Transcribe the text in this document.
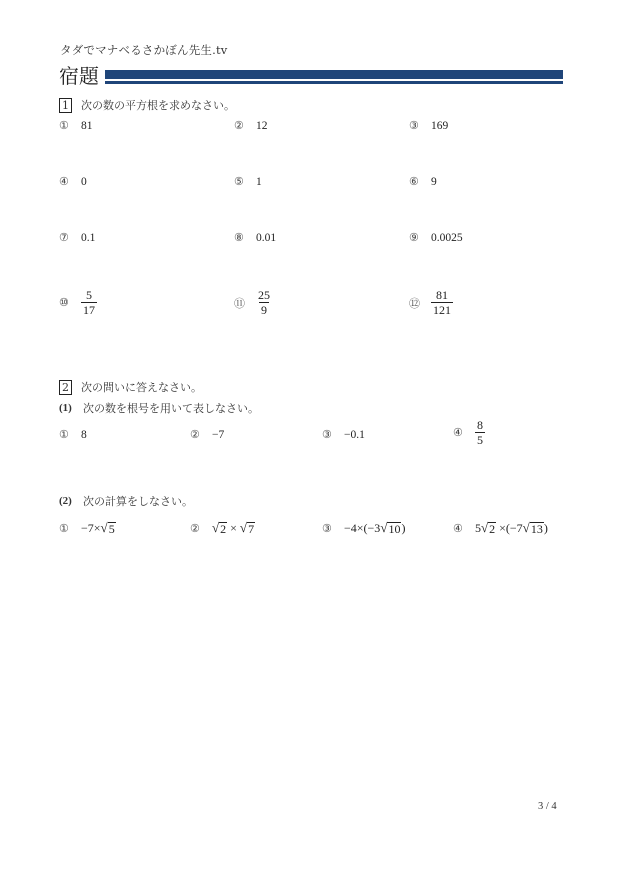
タダでマナベるさかぼん先生.tv
宿題
1 次の数の平方根を求めなさい。
①	81	②	12	③	169
④	0	⑤	1	⑥	9
⑦	0.1	⑧	0.01	⑨	0.0025
⑩	$\frac{5}{17}$	⑪ $\frac{25}{9}$	⑫ $\frac{81}{121}$
2 次の問いに答えなさい。
(1)	次の数を根号を用いて表しなさい。
①	8	②	−7	③	−0.1	④	$\frac{8}{5}$
(2)	次の計算をしなさい。
①	−7× √ 5	② √ 2 × √ 7	③	−4×(−3 √ 10 )	④	5 √ 2 ×(−7 √ 13 )
3 / 4
